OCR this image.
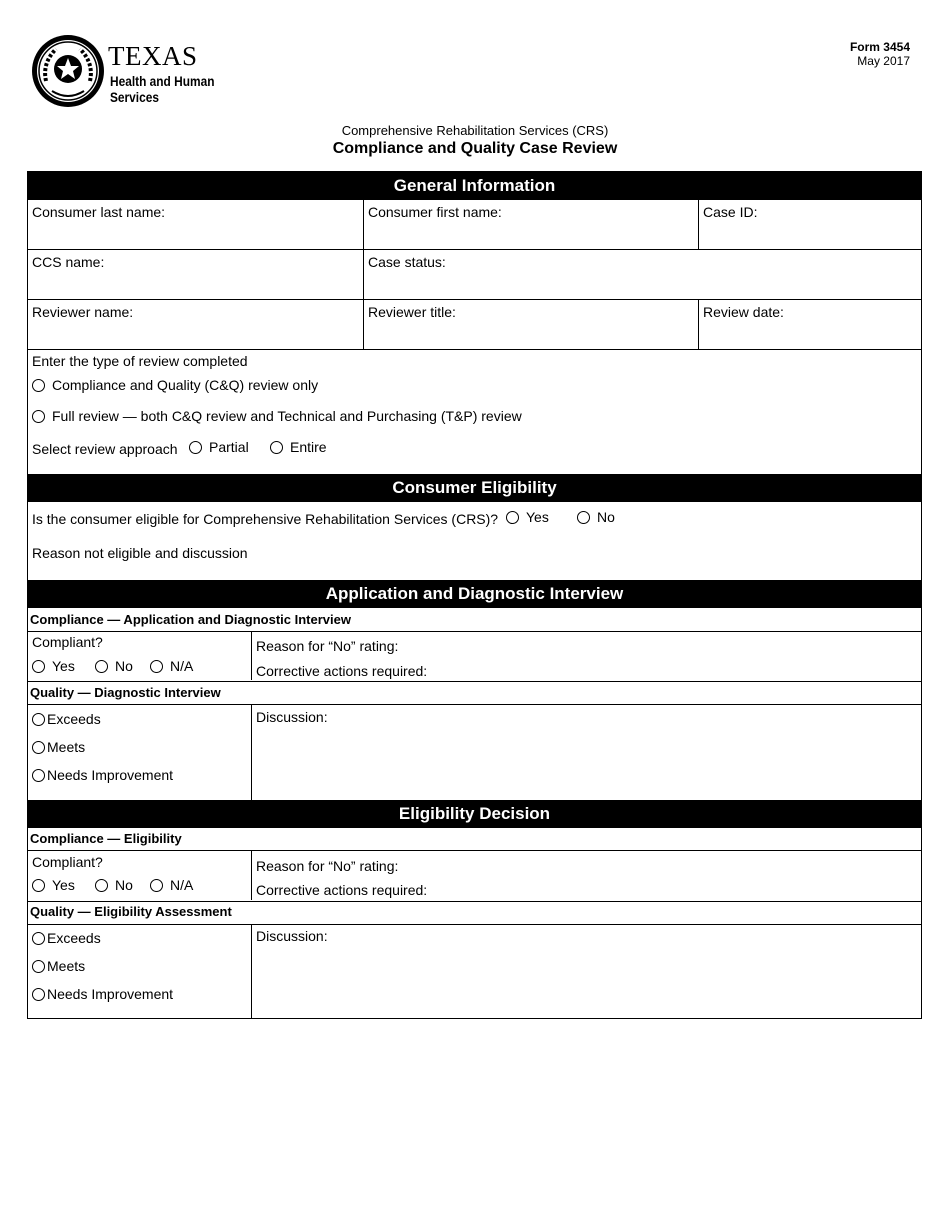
TEXAS
Health and Human
Services
Form 3454
May 2017
Comprehensive Rehabilitation Services (CRS)
Compliance and Quality Case Review
General Information
Consumer last name:	Consumer first name:	Case ID:
CCS name:	Case status:
Reviewer name:	Reviewer title:	Review date:
Enter the type of review completed
Compliance and Quality (C&Q) review only
Full review — both C&Q review and Technical and Purchasing (T&P) review
Select review approach Partial	Entire
Consumer Eligibility
Is the consumer eligible for Comprehensive Rehabilitation Services (CRS)? Yes	No
Reason not eligible and discussion
Application and Diagnostic Interview
Compliance — Application and Diagnostic Interview
Compliant?
Yes	No	N/A
Reason for “No” rating:
Corrective actions required:
Quality — Diagnostic Interview
Exceeds
Meets
Needs Improvement
Discussion:
Eligibility Decision
Compliance — Eligibility
Compliant?
Yes	No	N/A
Reason for “No” rating:
Corrective actions required:
Quality — Eligibility Assessment
Exceeds
Meets
Needs Improvement
Discussion:
